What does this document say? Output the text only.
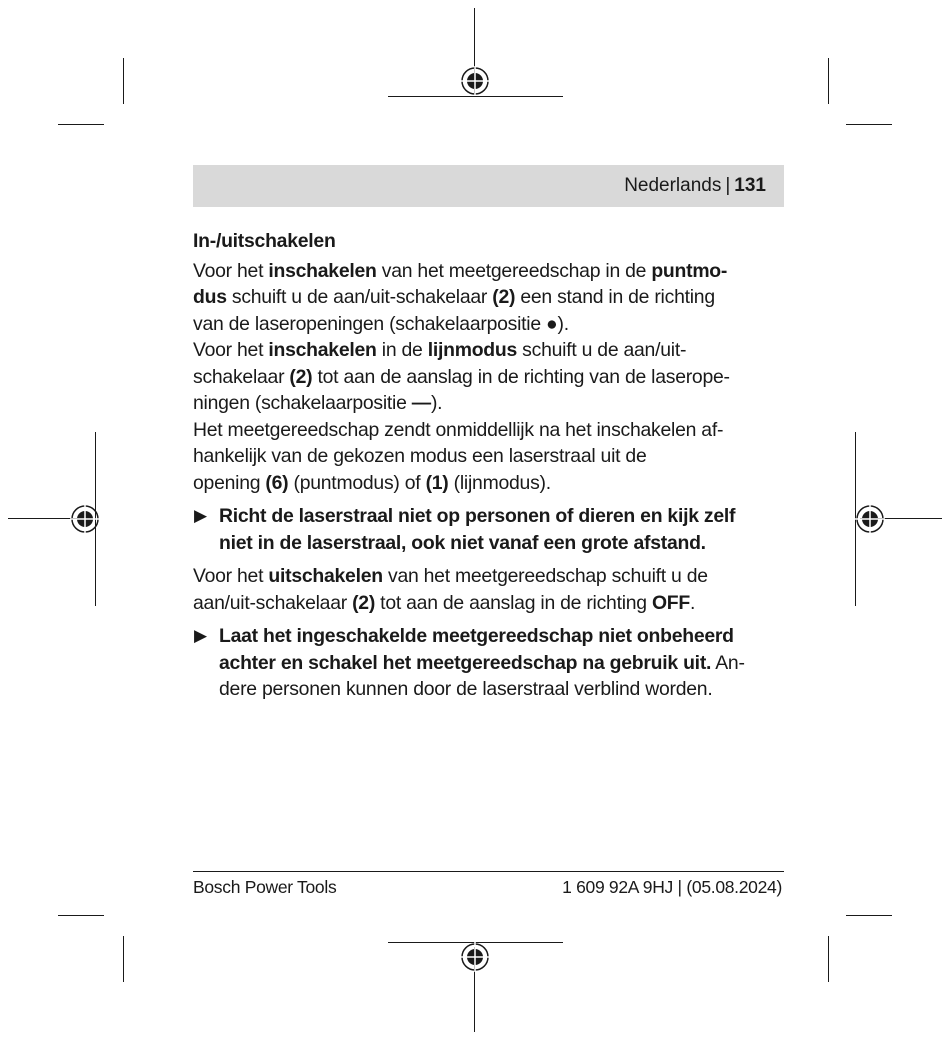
Nederlands | 131
In-/uitschakelen

Voor het inschakelen van het meetgereedschap in de puntmo-
dus schuift u de aan/uit-schakelaar (2) een stand in de richting
van de laseropeningen (schakelaarpositie ●).

Voor het inschakelen in de lijnmodus schuift u de aan/uit-
schakelaar (2) tot aan de aanslag in de richting van de laserope-
ningen (schakelaarpositie —).

Het meetgereedschap zendt onmiddellijk na het inschakelen af-
hankelijk van de gekozen modus een laserstraal uit de
opening (6) (puntmodus) of (1) (lijnmodus).

▶ Richt de laserstraal niet op personen of dieren en kijk zelf
niet in de laserstraal, ook niet vanaf een grote afstand.

Voor het uitschakelen van het meetgereedschap schuift u de
aan/uit-schakelaar (2) tot aan de aanslag in de richting OFF.

▶ Laat het ingeschakelde meetgereedschap niet onbeheerd
achter en schakel het meetgereedschap na gebruik uit. An-
dere personen kunnen door de laserstraal verblind worden.
Bosch Power Tools	1 609 92A 9HJ | (05.08.2024)
